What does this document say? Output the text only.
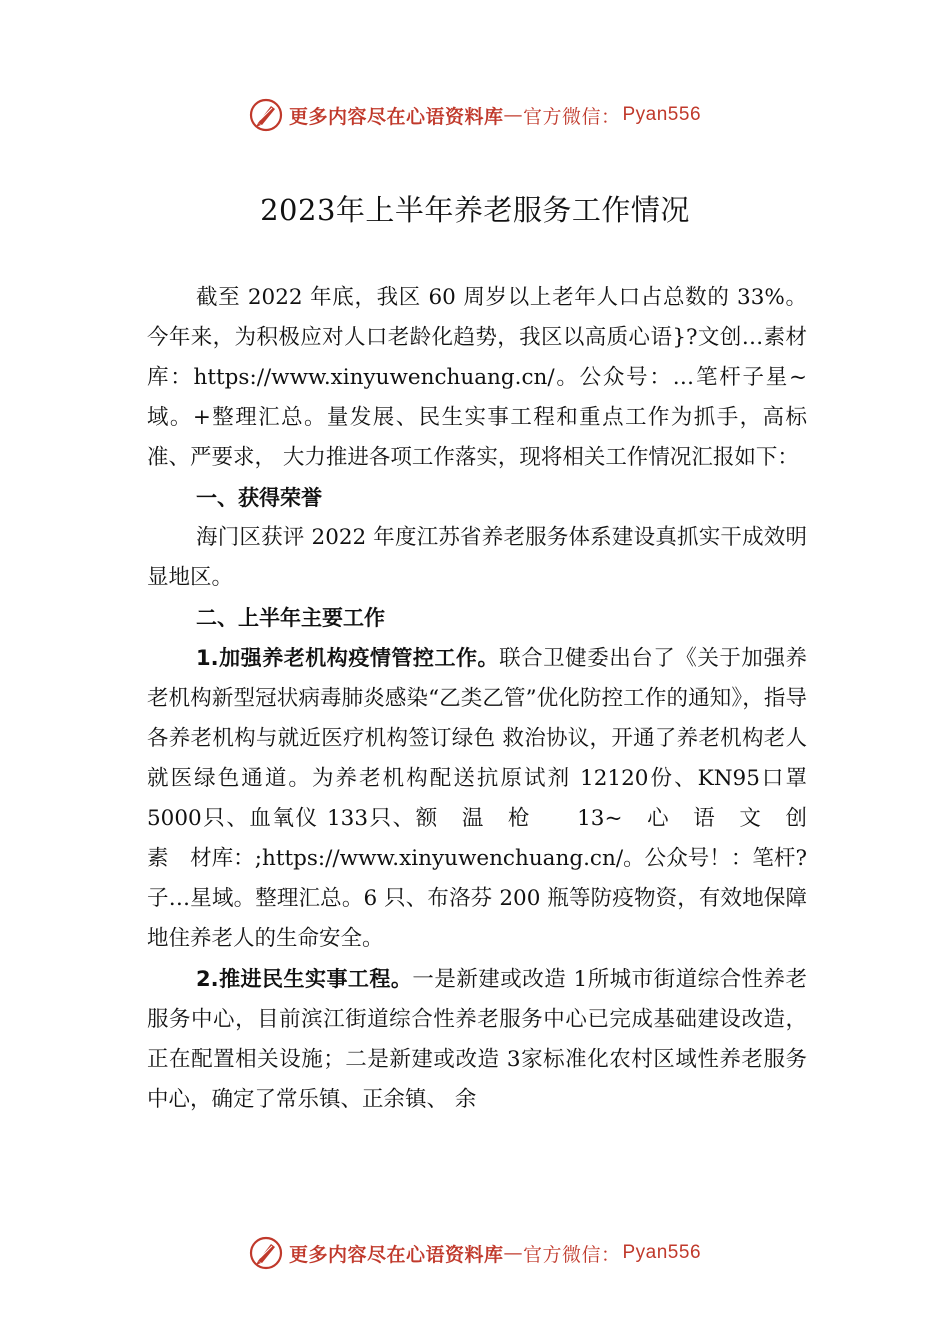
更多内容尽在心语资料库 — 官方微信： Pyan556
2023年上半年养老服务工作情况

截至 2022 年底，我区 60 周岁以上老年人口占总数的 33%。今年来，为积极应对人口老龄化趋势，我区以高质心语}?文创…素材库：https://www.xinyuwenchuang.cn/。公众号：…笔杆子星~域。+整理汇总。量发展、民生实事工程和重点工作为抓手，高标准、严要求， 大力推进各项工作落实，现将相关工作情况汇报如下：

一、获得荣誉

海门区获评 2022 年度江苏省养老服务体系建设真抓实干成效明显地区。

二、上半年主要工作

1.加强养老机构疫情管控工作。联合卫健委出台了《关于加强养老机构新型冠状病毒肺炎感染“乙类乙管”优化防控工作的通知》，指导各养老机构与就近医疗机构签订绿色 救治协议，开通了养老机构老人就医绿色通道。为养老机构配送抗原试剂 12120份、KN95口罩 5000只、血氧仪 133只、额　温　枪　　13~　心　语　文　创　素　材库：;https://www.xinyuwenchuang.cn/。公众号！：笔杆?子…星域。整理汇总。6 只、布洛芬 200 瓶等防疫物资，有效地保障地住养老人的生命安全。

2.推进民生实事工程。一是新建或改造 1所城市街道综合性养老服务中心，目前滨江街道综合性养老服务中心已完成基础建设改造，正在配置相关设施；二是新建或改造 3家标准化农村区域性养老服务中心，确定了常乐镇、正余镇、 余

更多内容尽在心语资料库 — 官方微信： Pyan556
